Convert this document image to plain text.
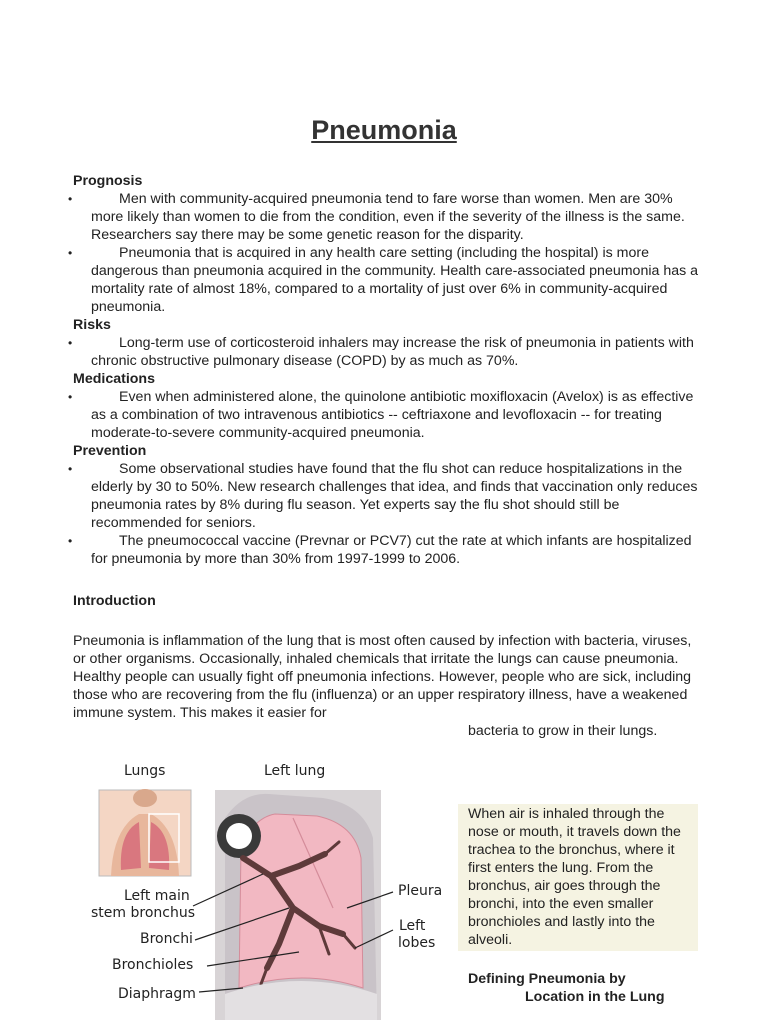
Pneumonia
Prognosis
• Men with community-acquired pneumonia tend to fare worse than women. Men are 30% more likely than women to die from the condition, even if the severity of the illness is the same. Researchers say there may be some genetic reason for the disparity.
• Pneumonia that is acquired in any health care setting (including the hospital) is more dangerous than pneumonia acquired in the community. Health care-associated pneumonia has a mortality rate of almost 18%, compared to a mortality of just over 6% in community-acquired pneumonia.
Risks
• Long-term use of corticosteroid inhalers may increase the risk of pneumonia in patients with chronic obstructive pulmonary disease (COPD) by as much as 70%.
Medications
• Even when administered alone, the quinolone antibiotic moxifloxacin (Avelox) is as effective as a combination of two intravenous antibiotics -- ceftriaxone and levofloxacin -- for treating moderate-to-severe community-acquired pneumonia.
Prevention
• Some observational studies have found that the flu shot can reduce hospitalizations in the elderly by 30 to 50%. New research challenges that idea, and finds that vaccination only reduces pneumonia rates by 8% during flu season. Yet experts say the flu shot should still be recommended for seniors.
• The pneumococcal vaccine (Prevnar or PCV7) cut the rate at which infants are hospitalized for pneumonia by more than 30% from 1997-1999 to 2006.
Introduction
Pneumonia is inflammation of the lung that is most often caused by infection with bacteria, viruses, or other organisms. Occasionally, inhaled chemicals that irritate the lungs can cause pneumonia. Healthy people can usually fight off pneumonia infections. However, people who are sick, including those who are recovering from the flu (influenza) or an upper respiratory illness, have a weakened immune system. This makes it easier for
bacteria to grow in their lungs.
Lungs	Left lung
Left main
stem bronchus
Bronchi
Bronchioles
Diaphragm
Pleura
Left
lobes
When air is inhaled through the nose or mouth, it travels down the trachea to the bronchus, where it first enters the lung. From the bronchus, air goes through the bronchi, into the even smaller bronchioles and lastly into the alveoli.
Defining Pneumonia by
Location in the Lung
